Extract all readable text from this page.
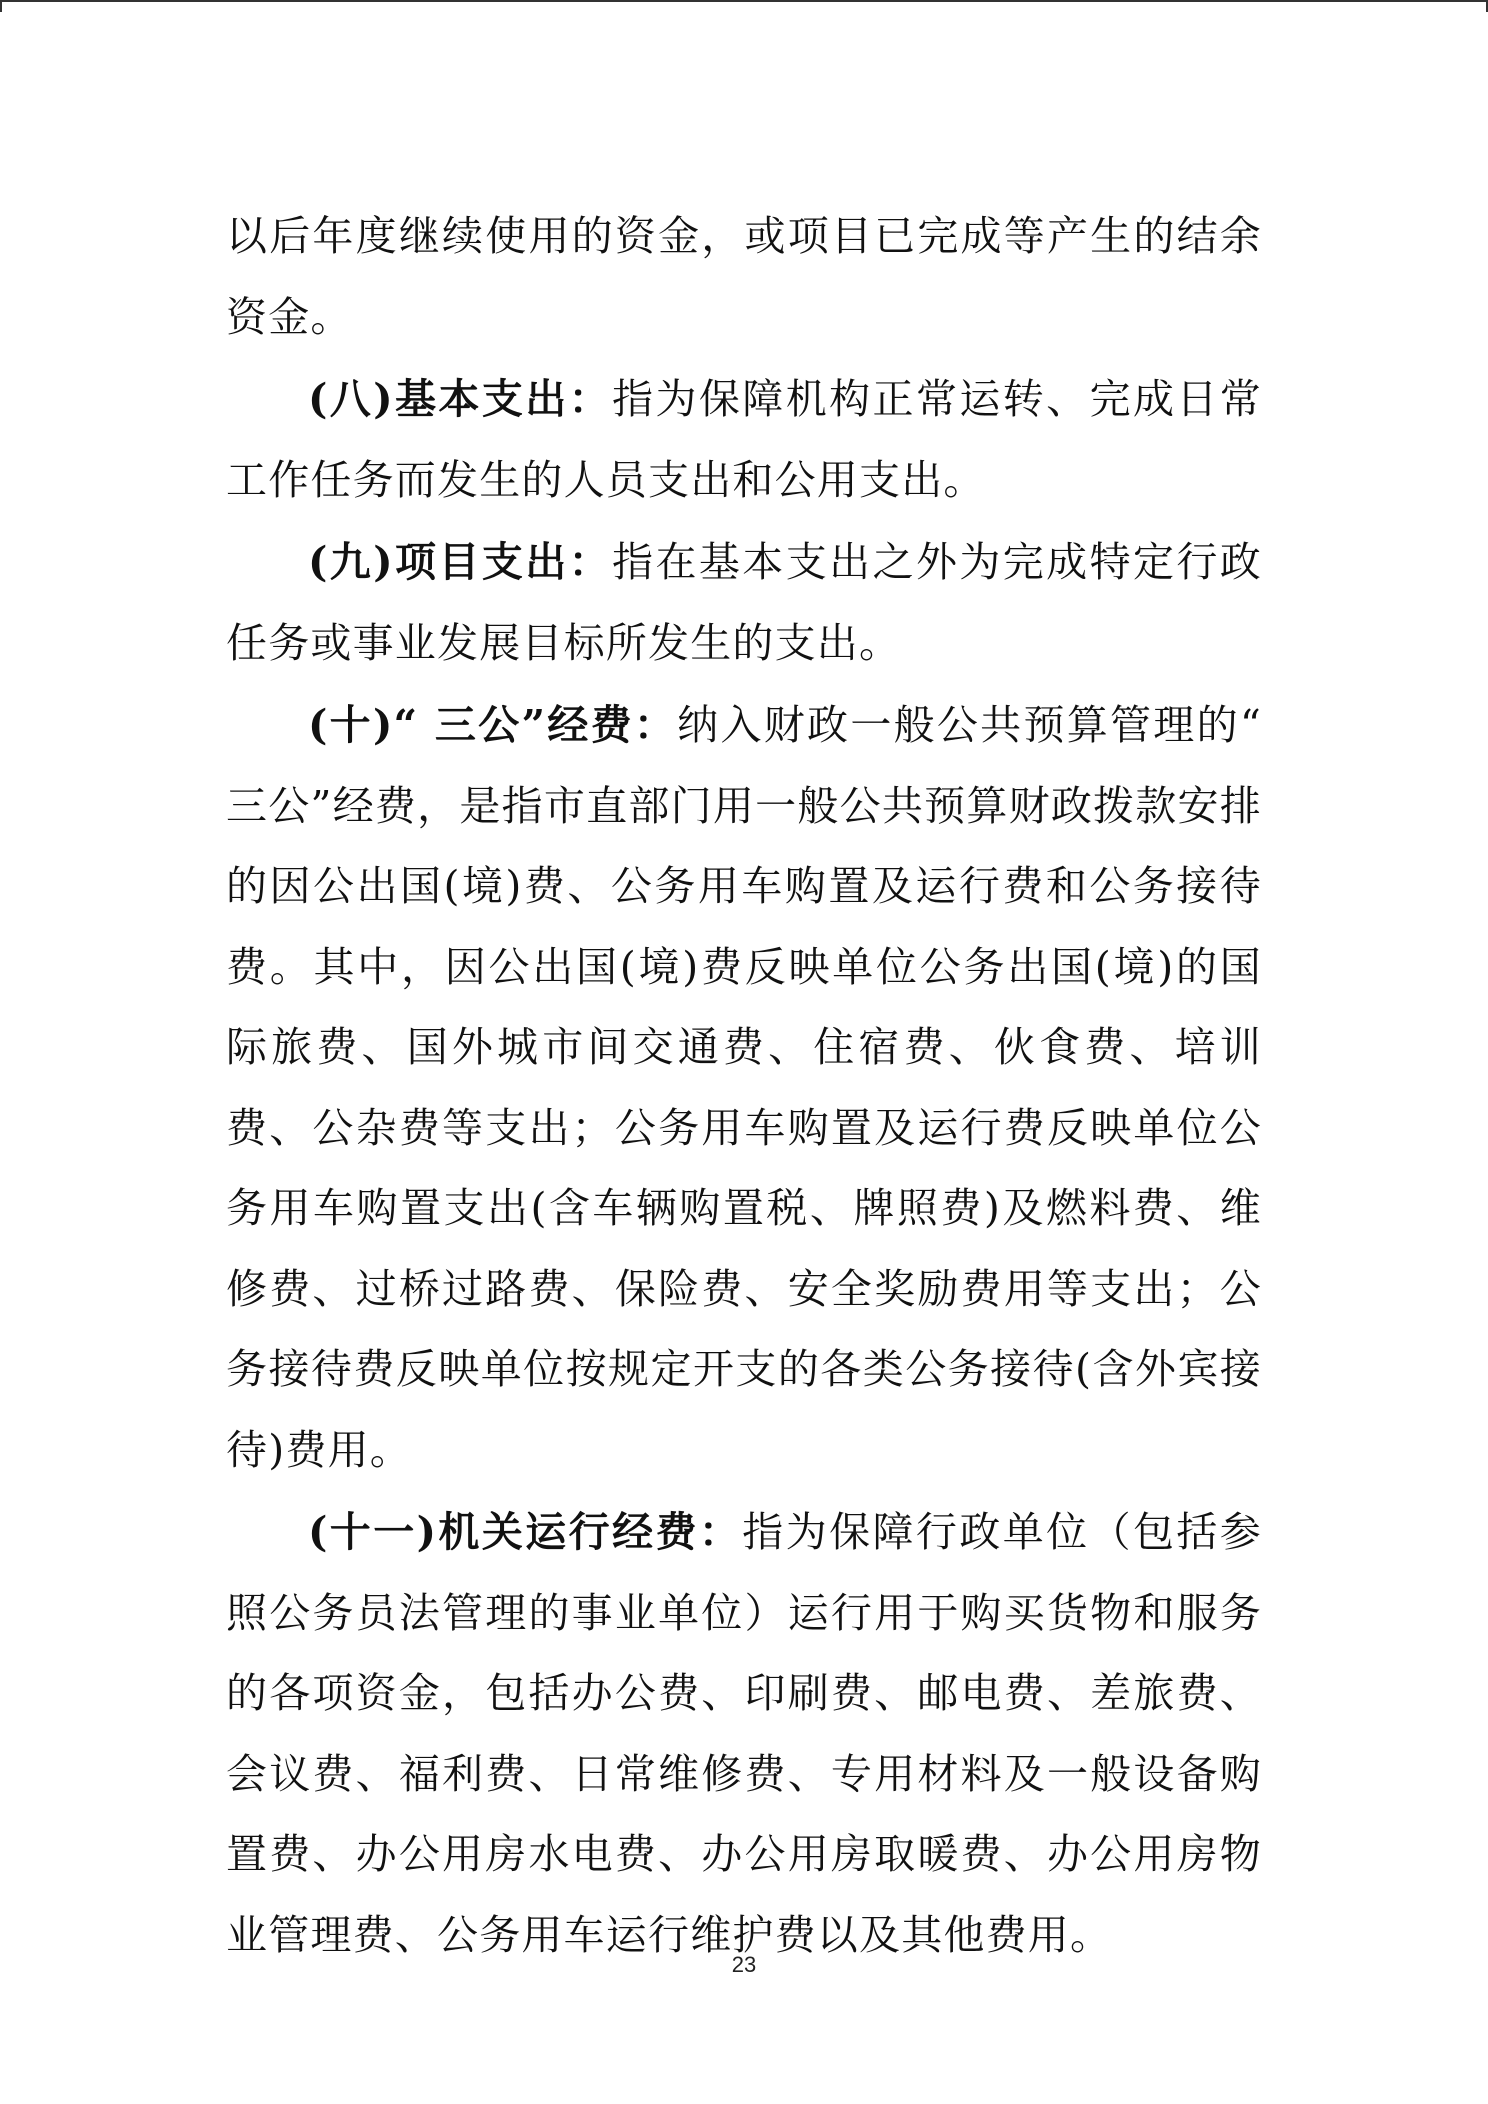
以后年度继续使用的资金，或项目已完成等产生的结余资金。

(八)基本支出：指为保障机构正常运转、完成日常工作任务而发生的人员支出和公用支出。

(九)项目支出：指在基本支出之外为完成特定行政任务或事业发展目标所发生的支出。

(十)“ 三公”经费：纳入财政一般公共预算管理的“ 三公”经费，是指市直部门用一般公共预算财政拨款安排的因公出国(境)费、公务用车购置及运行费和公务接待费。其中，因公出国(境)费反映单位公务出国(境)的国际旅费、国外城市间交通费、住宿费、伙食费、培训费、公杂费等支出；公务用车购置及运行费反映单位公务用车购置支出(含车辆购置税、牌照费)及燃料费、维修费、过桥过路费、保险费、安全奖励费用等支出；公务接待费反映单位按规定开支的各类公务接待(含外宾接待)费用。

(十一)机关运行经费：指为保障行政单位（包括参照公务员法管理的事业单位）运行用于购买货物和服务的各项资金，包括办公费、印刷费、邮电费、差旅费、会议费、福利费、日常维修费、专用材料及一般设备购置费、办公用房水电费、办公用房取暖费、办公用房物业管理费、公务用车运行维护费以及其他费用。

23
